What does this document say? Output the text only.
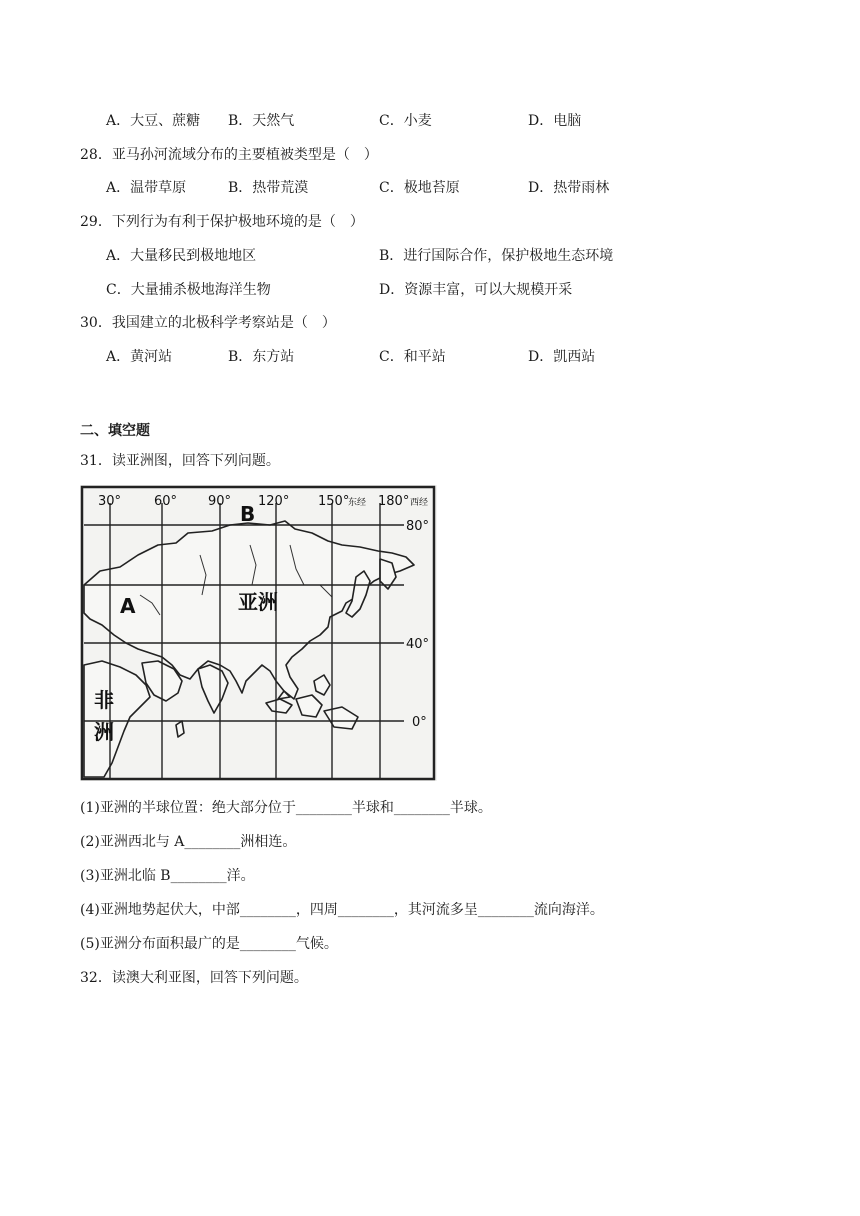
A．大豆、蔗糖 B．天然气	C．小麦	D．电脑
28．亚马孙河流域分布的主要植被类型是（　）
A．温带草原	B．热带荒漠	C．极地苔原	D．热带雨林
29．下列行为有利于保护极地环境的是（　）
A．大量移民到极地地区	B．进行国际合作，保护极地生态环境
C．大量捕杀极地海洋生物	D．资源丰富，可以大规模开采
30．我国建立的北极科学考察站是（　）
A．黄河站	B．东方站	C．和平站	D．凯西站
二、填空题
31．读亚洲图，回答下列问题。
30°	60° 90° 120° 150° 180°
东经	西经
80°
40°
0°
亚洲
非
洲
A
B
(1)亚洲的半球位置：绝大部分位于________半球和________半球。
(2)亚洲西北与 A________洲相连。
(3)亚洲北临 B________洋。
(4)亚洲地势起伏大，中部________，四周________，其河流多呈________流向海洋。
(5)亚洲分布面积最广的是________气候。
32．读澳大利亚图，回答下列问题。
